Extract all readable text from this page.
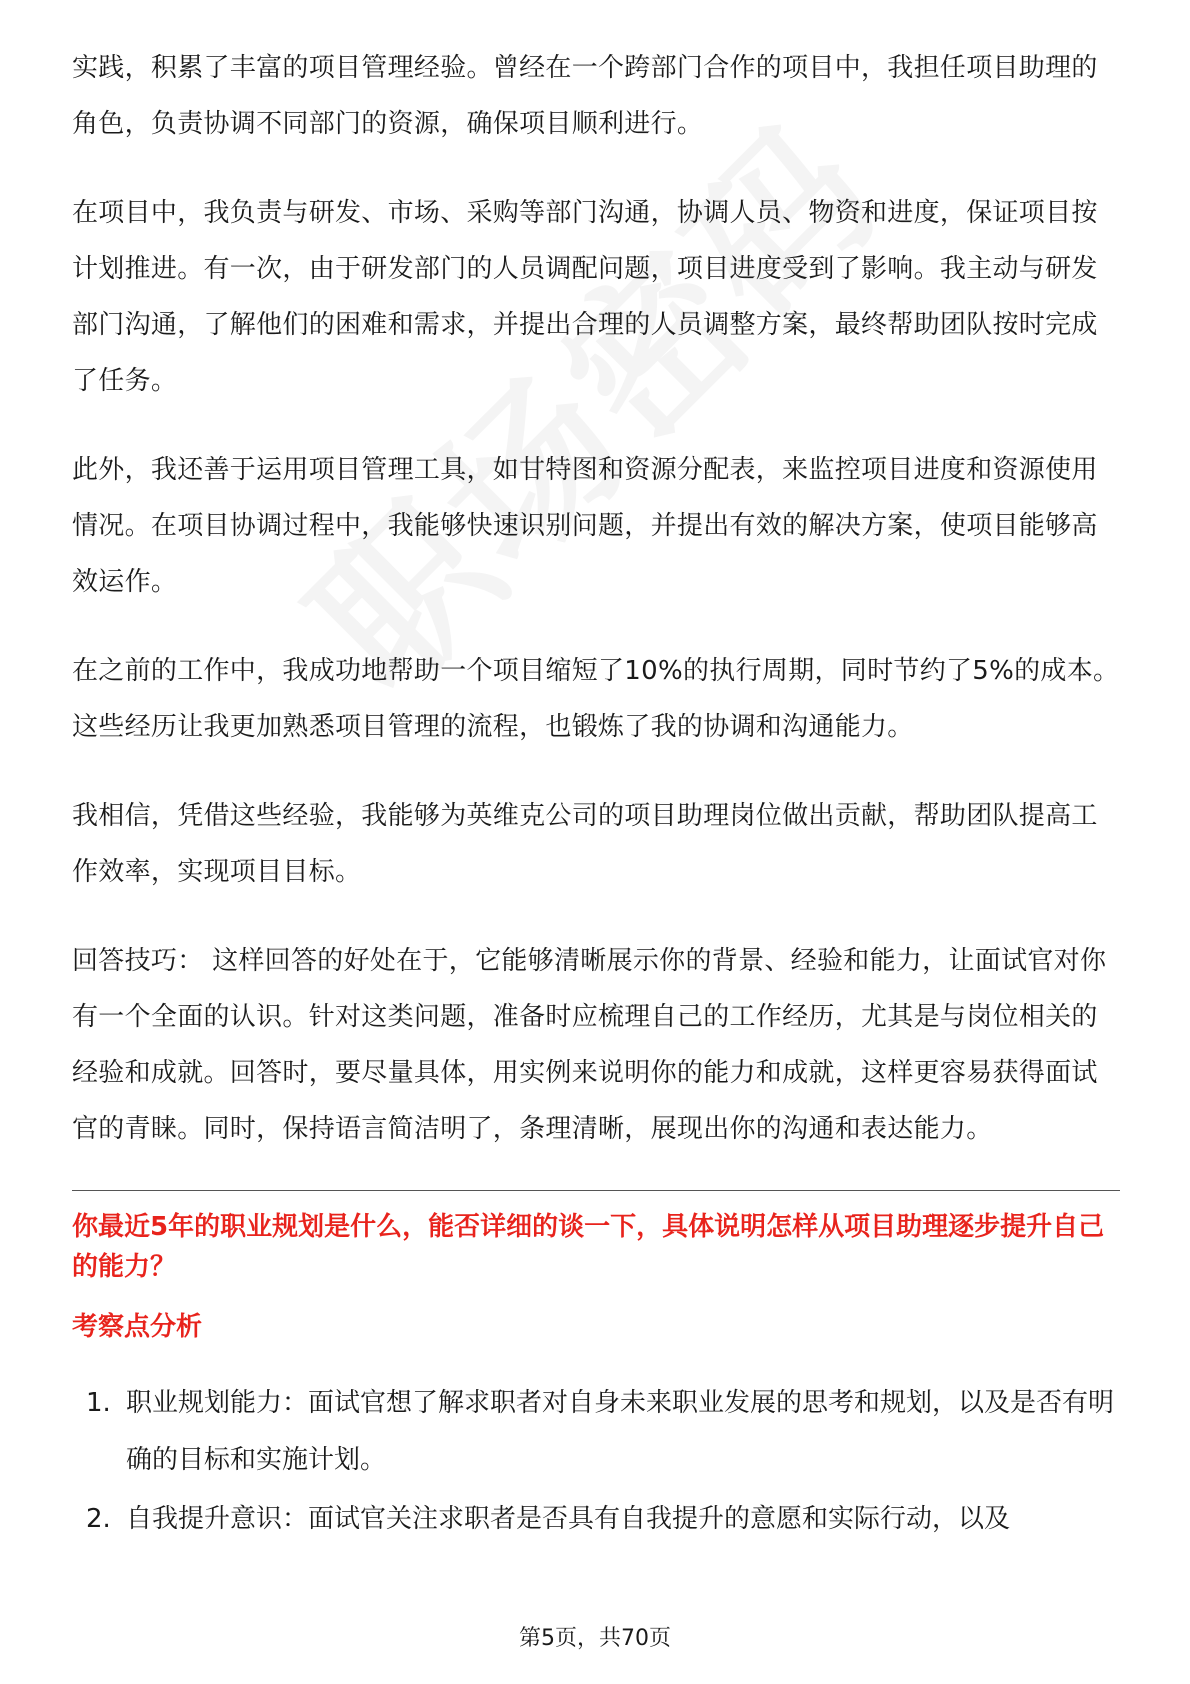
实践，积累了丰富的项目管理经验。曾经在一个跨部门合作的项目中，我担任项目助理的角色，负责协调不同部门的资源，确保项目顺利进行。

在项目中，我负责与研发、市场、采购等部门沟通，协调人员、物资和进度，保证项目按计划推进。有一次，由于研发部门的人员调配问题，项目进度受到了影响。我主动与研发部门沟通，了解他们的困难和需求，并提出合理的人员调整方案，最终帮助团队按时完成了任务。

此外，我还善于运用项目管理工具，如甘特图和资源分配表，来监控项目进度和资源使用情况。在项目协调过程中，我能够快速识别问题，并提出有效的解决方案，使项目能够高效运作。

在之前的工作中，我成功地帮助一个项目缩短了10%的执行周期，同时节约了5%的成本。这些经历让我更加熟悉项目管理的流程，也锻炼了我的协调和沟通能力。

我相信，凭借这些经验，我能够为英维克公司的项目助理岗位做出贡献，帮助团队提高工作效率，实现项目目标。

回答技巧： 这样回答的好处在于，它能够清晰展示你的背景、经验和能力，让面试官对你有一个全面的认识。针对这类问题，准备时应梳理自己的工作经历，尤其是与岗位相关的经验和成就。回答时，要尽量具体，用实例来说明你的能力和成就，这样更容易获得面试官的青睐。同时，保持语言简洁明了，条理清晰，展现出你的沟通和表达能力。

你最近5年的职业规划是什么，能否详细的谈一下，具体说明怎样从项目助理逐步提升自己的能力？
考察点分析
1. 职业规划能力：面试官想了解求职者对自身未来职业发展的思考和规划，以及是否有明确的目标和实施计划。
2. 自我提升意识：面试官关注求职者是否具有自我提升的意愿和实际行动，以及
第5页，共70页
